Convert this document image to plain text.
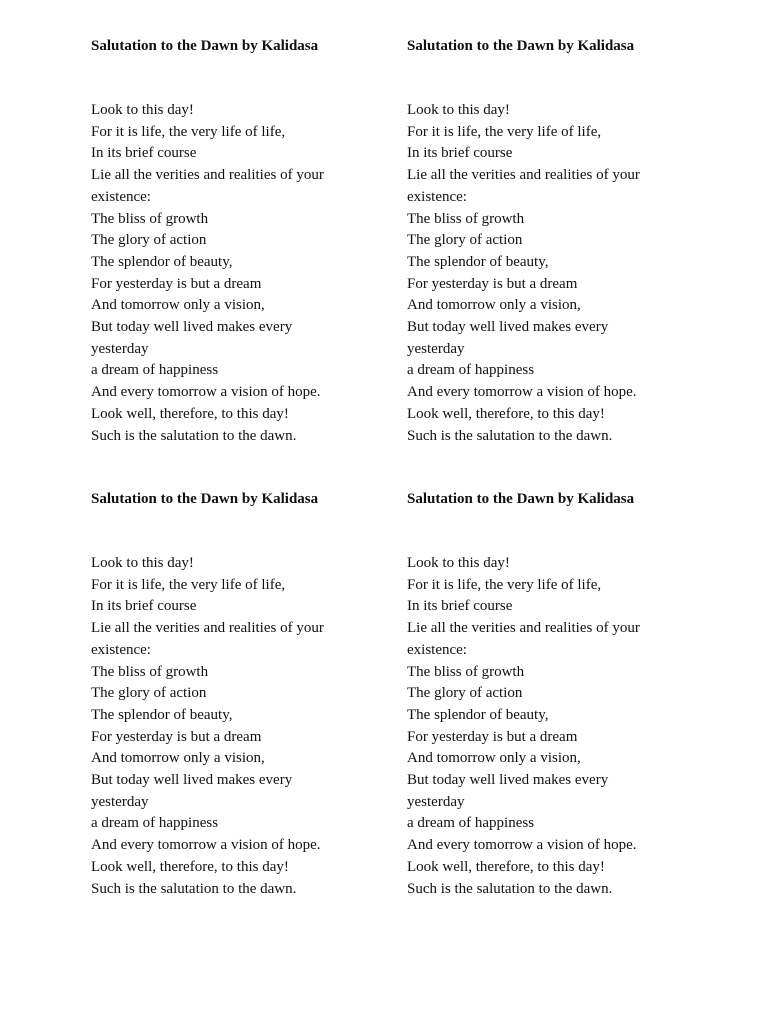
Salutation to the Dawn by Kalidasa
Look to this day!
For it is life, the very life of life,
In its brief course
Lie all the verities and realities of your
existence:
The bliss of growth
The glory of action
The splendor of beauty,
For yesterday is but a dream
And tomorrow only a vision,
But today well lived makes every
yesterday
a dream of happiness
And every tomorrow a vision of hope.
Look well, therefore, to this day!
Such is the salutation to the dawn.
Salutation to the Dawn by Kalidasa
Look to this day!
For it is life, the very life of life,
In its brief course
Lie all the verities and realities of your
existence:
The bliss of growth
The glory of action
The splendor of beauty,
For yesterday is but a dream
And tomorrow only a vision,
But today well lived makes every
yesterday
a dream of happiness
And every tomorrow a vision of hope.
Look well, therefore, to this day!
Such is the salutation to the dawn.
Salutation to the Dawn by Kalidasa
Look to this day!
For it is life, the very life of life,
In its brief course
Lie all the verities and realities of your
existence:
The bliss of growth
The glory of action
The splendor of beauty,
For yesterday is but a dream
And tomorrow only a vision,
But today well lived makes every
yesterday
a dream of happiness
And every tomorrow a vision of hope.
Look well, therefore, to this day!
Such is the salutation to the dawn.
Salutation to the Dawn by Kalidasa
Look to this day!
For it is life, the very life of life,
In its brief course
Lie all the verities and realities of your
existence:
The bliss of growth
The glory of action
The splendor of beauty,
For yesterday is but a dream
And tomorrow only a vision,
But today well lived makes every
yesterday
a dream of happiness
And every tomorrow a vision of hope.
Look well, therefore, to this day!
Such is the salutation to the dawn.
